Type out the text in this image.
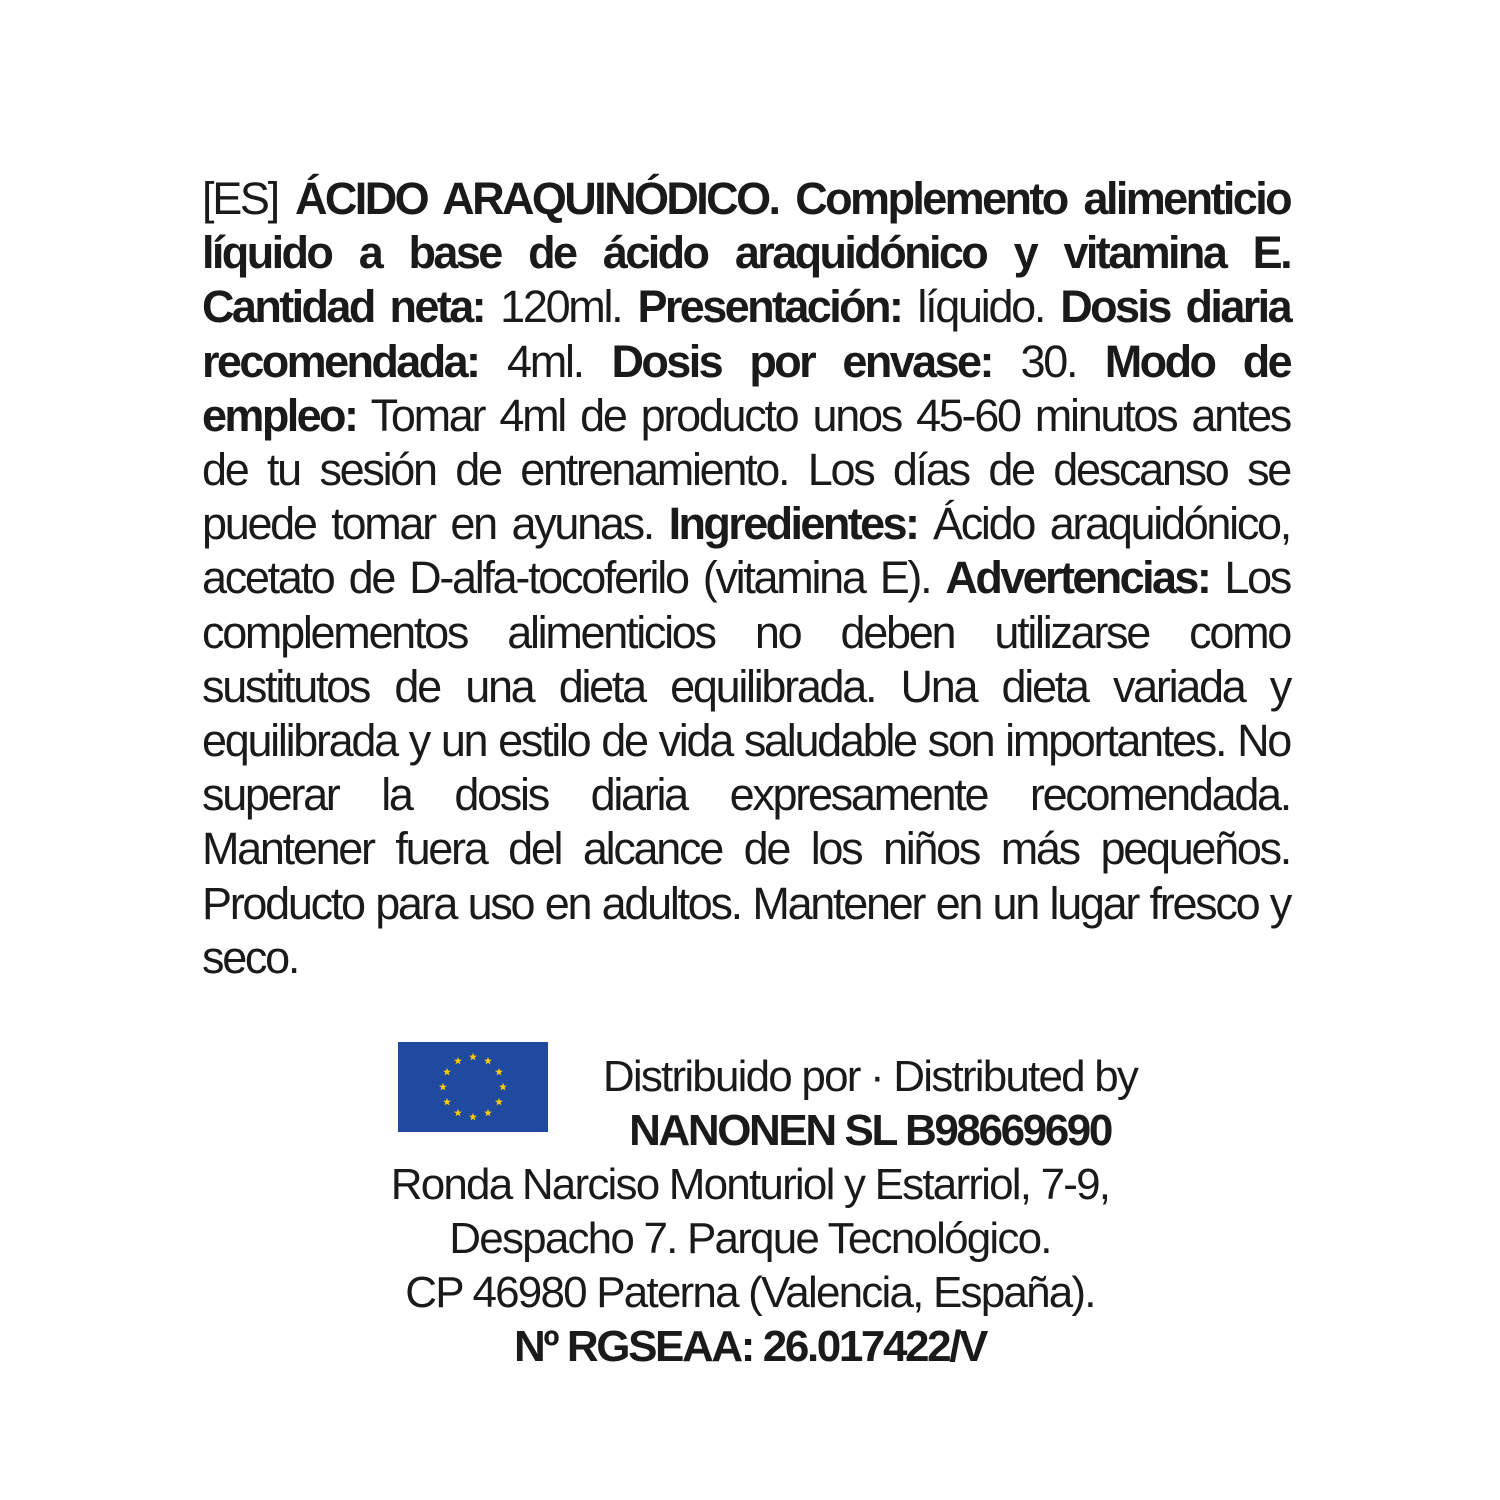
[ES] ÁCIDO ARAQUINÓDICO. Complemento alimenticio líquido a base de ácido araquidónico y vitamina E. Cantidad neta: 120ml. Presentación: líquido. Dosis diaria recomendada: 4ml. Dosis por envase: 30. Modo de empleo: Tomar 4ml de producto unos 45-60 minutos antes de tu sesión de entrenamiento. Los días de descanso se puede tomar en ayunas. Ingredientes: Ácido araquidónico, acetato de D-alfa-tocoferilo (vitamina E). Advertencias: Los complementos alimenticios no deben utilizarse como sustitutos de una dieta equilibrada. Una dieta variada y equilibrada y un estilo de vida saludable son importantes. No superar la dosis diaria expresamente recomendada. Mantener fuera del alcance de los niños más pequeños. Producto para uso en adultos. Mantener en un lugar fresco y seco.
Distribuido por · Distributed by
NANONEN SL B98669690
Ronda Narciso Monturiol y Estarriol, 7-9,
Despacho 7. Parque Tecnológico.
CP 46980 Paterna (Valencia, España).
Nº RGSEAA: 26.017422/V
